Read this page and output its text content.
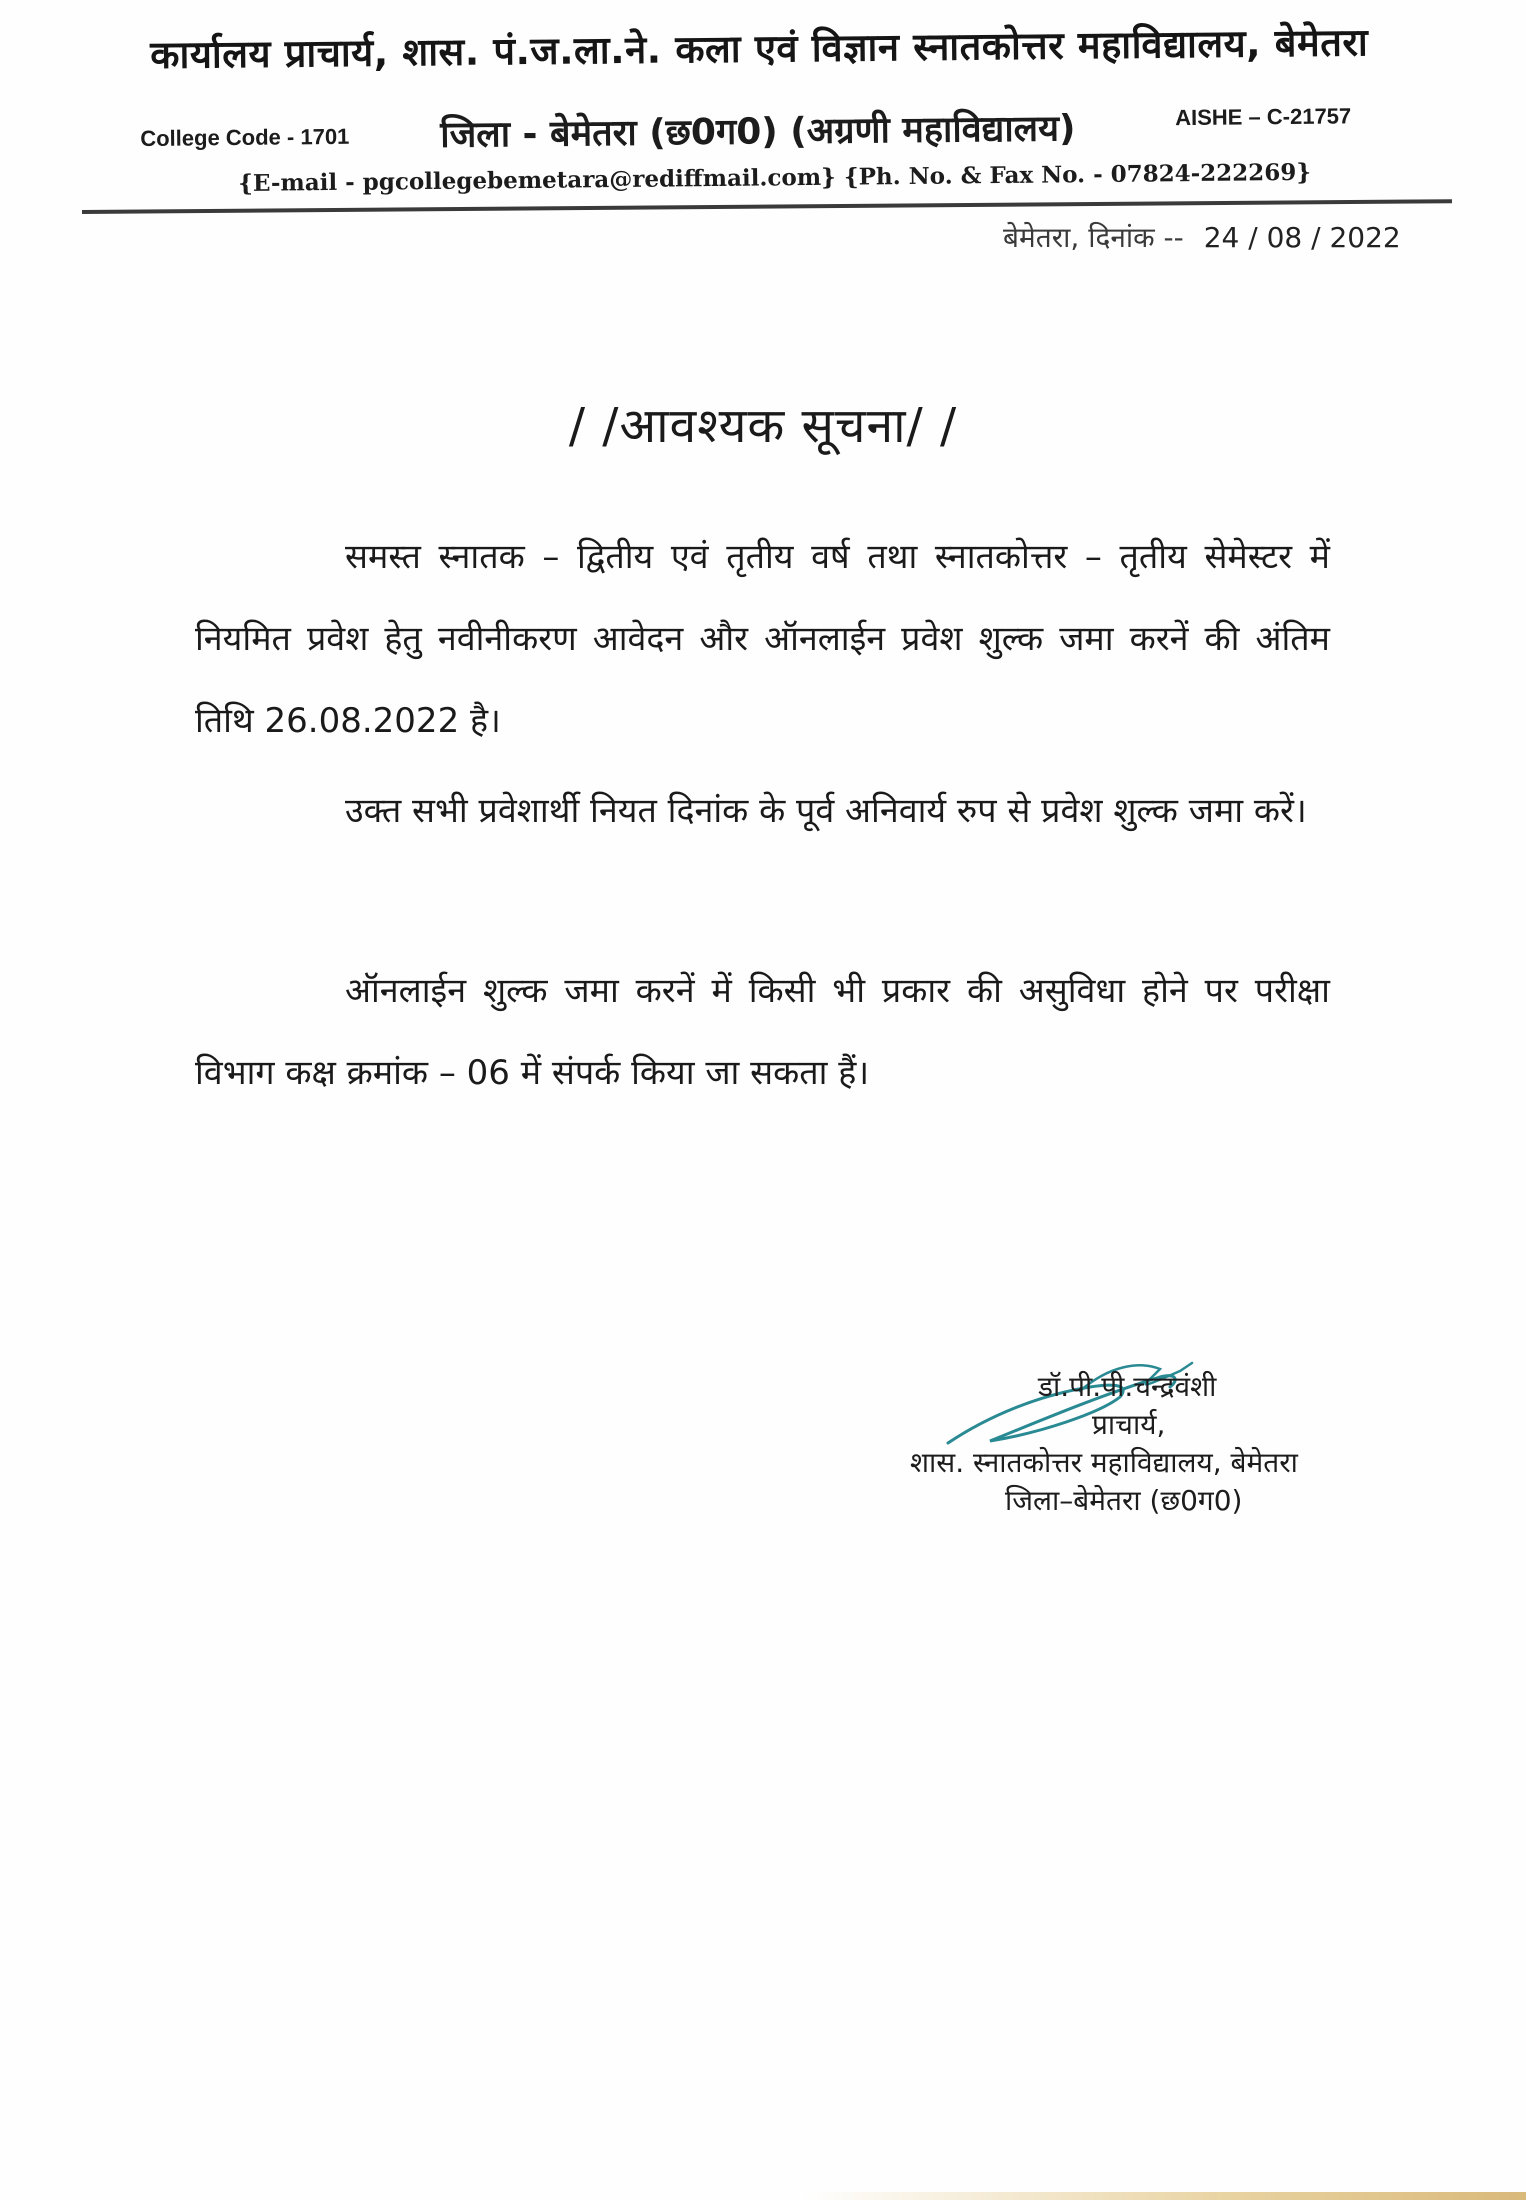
कार्यालय प्राचार्य, शास. पं.ज.ला.ने. कला एवं विज्ञान स्नातकोत्तर महाविद्यालय, बेमेतरा
College Code - 1701	जिला - बेमेतरा (छ0ग0) (अग्रणी महाविद्यालय)	AISHE – C-21757
{E-mail - pgcollegebemetara@rediffmail.com} {Ph. No. & Fax No. - 07824-222269}
बेमेतरा, दिनांक -- 24 / 08 / 2022
/ /आवश्यक सूचना/ /

समस्त स्नातक – द्वितीय एवं तृतीय वर्ष तथा स्नातकोत्तर – तृतीय सेमेस्टर में नियमित प्रवेश हेतु नवीनीकरण आवेदन और ऑनलाईन प्रवेश शुल्क जमा करनें की अंतिम तिथि 26.08.2022 है।

उक्त सभी प्रवेशार्थी नियत दिनांक के पूर्व अनिवार्य रुप से प्रवेश शुल्क जमा करें।

ऑनलाईन शुल्क जमा करनें में किसी भी प्रकार की असुविधा होने पर परीक्षा विभाग कक्ष क्रमांक – 06 में संपर्क किया जा सकता हैं।

डॉ.पी.पी.चन्द्रवंशी
प्राचार्य,
शास. स्नातकोत्तर महाविद्यालय, बेमेतरा
जिला–बेमेतरा (छ0ग0)
